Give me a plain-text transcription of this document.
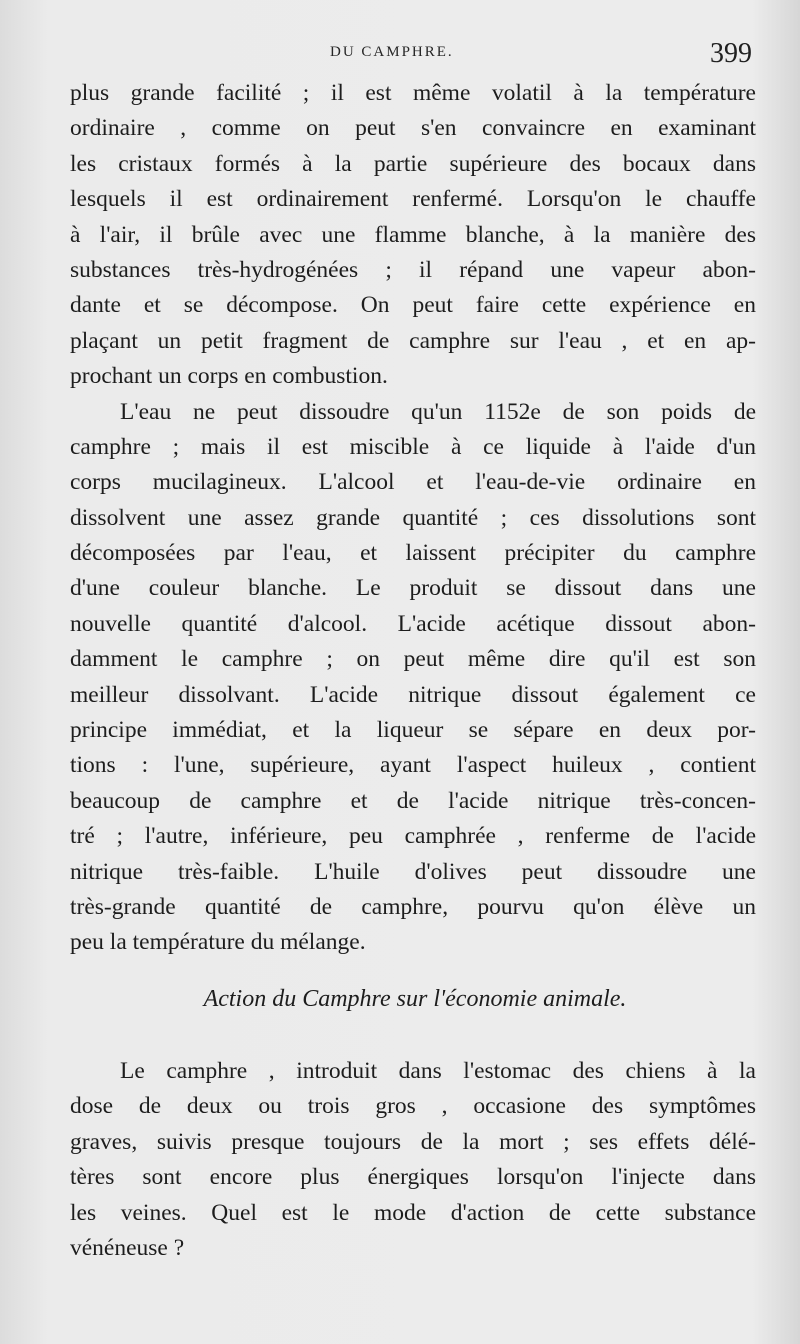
DU CAMPHRE.	399
plus grande facilité ; il est même volatil à la température
ordinaire , comme on peut s'en convaincre en examinant
les cristaux formés à la partie supérieure des bocaux dans
lesquels il est ordinairement renfermé. Lorsqu'on le chauffe
à l'air, il brûle avec une flamme blanche, à la manière des
substances très-hydrogénées ; il répand une vapeur abon-
dante et se décompose. On peut faire cette expérience en
plaçant un petit fragment de camphre sur l'eau , et en ap-
prochant un corps en combustion.
L'eau ne peut dissoudre qu'un 1152e de son poids de
camphre ; mais il est miscible à ce liquide à l'aide d'un
corps mucilagineux. L'alcool et l'eau-de-vie ordinaire en
dissolvent une assez grande quantité ; ces dissolutions sont
décomposées par l'eau, et laissent précipiter du camphre
d'une couleur blanche. Le produit se dissout dans une
nouvelle quantité d'alcool. L'acide acétique dissout abon-
damment le camphre ; on peut même dire qu'il est son
meilleur dissolvant. L'acide nitrique dissout également ce
principe immédiat, et la liqueur se sépare en deux por-
tions : l'une, supérieure, ayant l'aspect huileux , contient
beaucoup de camphre et de l'acide nitrique très-concen-
tré ; l'autre, inférieure, peu camphrée , renferme de l'acide
nitrique très-faible. L'huile d'olives peut dissoudre une
très-grande quantité de camphre, pourvu qu'on élève un
peu la température du mélange.
Action du Camphre sur l'économie animale.
Le camphre , introduit dans l'estomac des chiens à la
dose de deux ou trois gros , occasione des symptômes
graves, suivis presque toujours de la mort ; ses effets délé-
tères sont encore plus énergiques lorsqu'on l'injecte dans
les veines. Quel est le mode d'action de cette substance
vénéneuse ?
